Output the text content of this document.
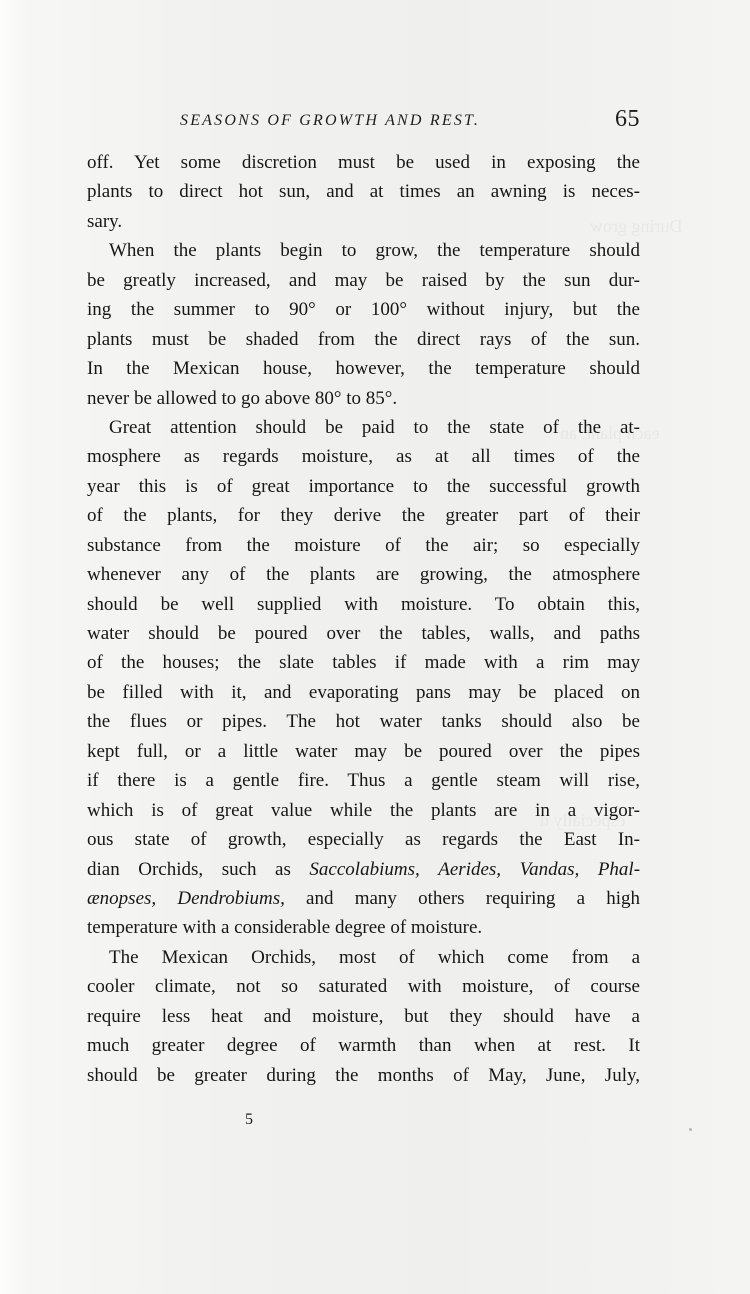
SEASONS OF GROWTH AND REST.	65
off. Yet some discretion must be used in exposing the
plants to direct hot sun, and at times an awning is neces-
sary.
When the plants begin to grow, the temperature should
be greatly increased, and may be raised by the sun dur-
ing the summer to 90° or 100° without injury, but the
plants must be shaded from the direct rays of the sun.
In the Mexican house, however, the temperature should
never be allowed to go above 80° to 85°.
Great attention should be paid to the state of the at-
mosphere as regards moisture, as at all times of the
year this is of great importance to the successful growth
of the plants, for they derive the greater part of their
substance from the moisture of the air; so especially
whenever any of the plants are growing, the atmosphere
should be well supplied with moisture. To obtain this,
water should be poured over the tables, walls, and paths
of the houses; the slate tables if made with a rim may
be filled with it, and evaporating pans may be placed on
the flues or pipes. The hot water tanks should also be
kept full, or a little water may be poured over the pipes
if there is a gentle fire. Thus a gentle steam will rise,
which is of great value while the plants are in a vigor-
ous state of growth, especially as regards the East In-
dian Orchids, such as Saccolabiums, Aerides, Vandas, Phal-
ænopses, Dendrobiums, and many others requiring a high
temperature with a considerable degree of moisture.
The Mexican Orchids, most of which come from a
cooler climate, not so saturated with moisture, of course
require less heat and moisture, but they should have a
much greater degree of warmth than when at rest. It
should be greater during the months of May, June, July,
5
